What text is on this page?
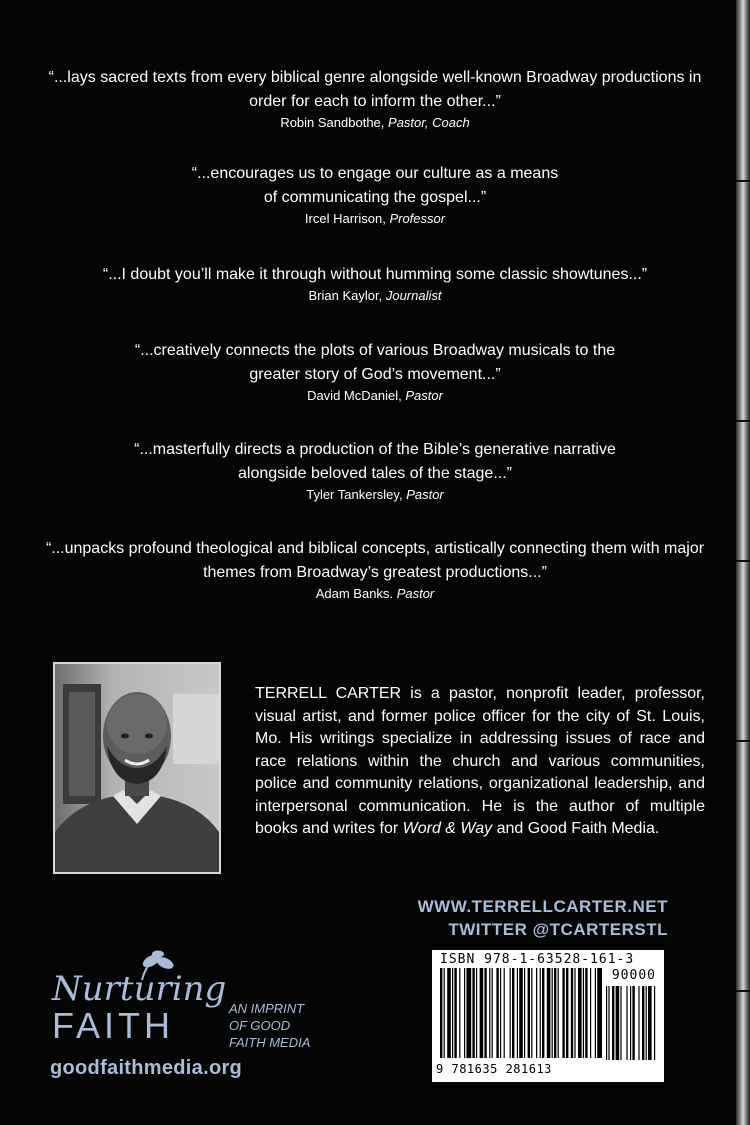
“...lays sacred texts from every biblical genre alongside well-known Broadway productions in order for each to inform the other...”
Robin Sandbothe, Pastor, Coach
“...encourages us to engage our culture as a means of communicating the gospel...”
Ircel Harrison, Professor
“...I doubt you’ll make it through without humming some classic showtunes...”
Brian Kaylor, Journalist
“...creatively connects the plots of various Broadway musicals to the greater story of God’s movement...”
David McDaniel, Pastor
“...masterfully directs a production of the Bible’s generative narrative alongside beloved tales of the stage...”
Tyler Tankersley, Pastor
“...unpacks profound theological and biblical concepts, artistically connecting them with major themes from Broadway’s greatest productions...”
Adam Banks. Pastor
TERRELL CARTER is a pastor, nonprofit leader, professor, visual artist, and former police officer for the city of St. Louis, Mo. His writings specialize in addressing issues of race and race relations within the church and various communities, police and community relations, organizational leadership, and interpersonal communication. He is the author of multiple books and writes for Word & Way and Good Faith Media.
WWW.TERRELLCARTER.NET
TWITTER @TCARTERSTL
ISBN 978-1-63528-161-3
90000
9 781635 281613
Nurturing
FAITH	AN IMPRINT
OF GOOD
FAITH MEDIA
goodfaithmedia.org
